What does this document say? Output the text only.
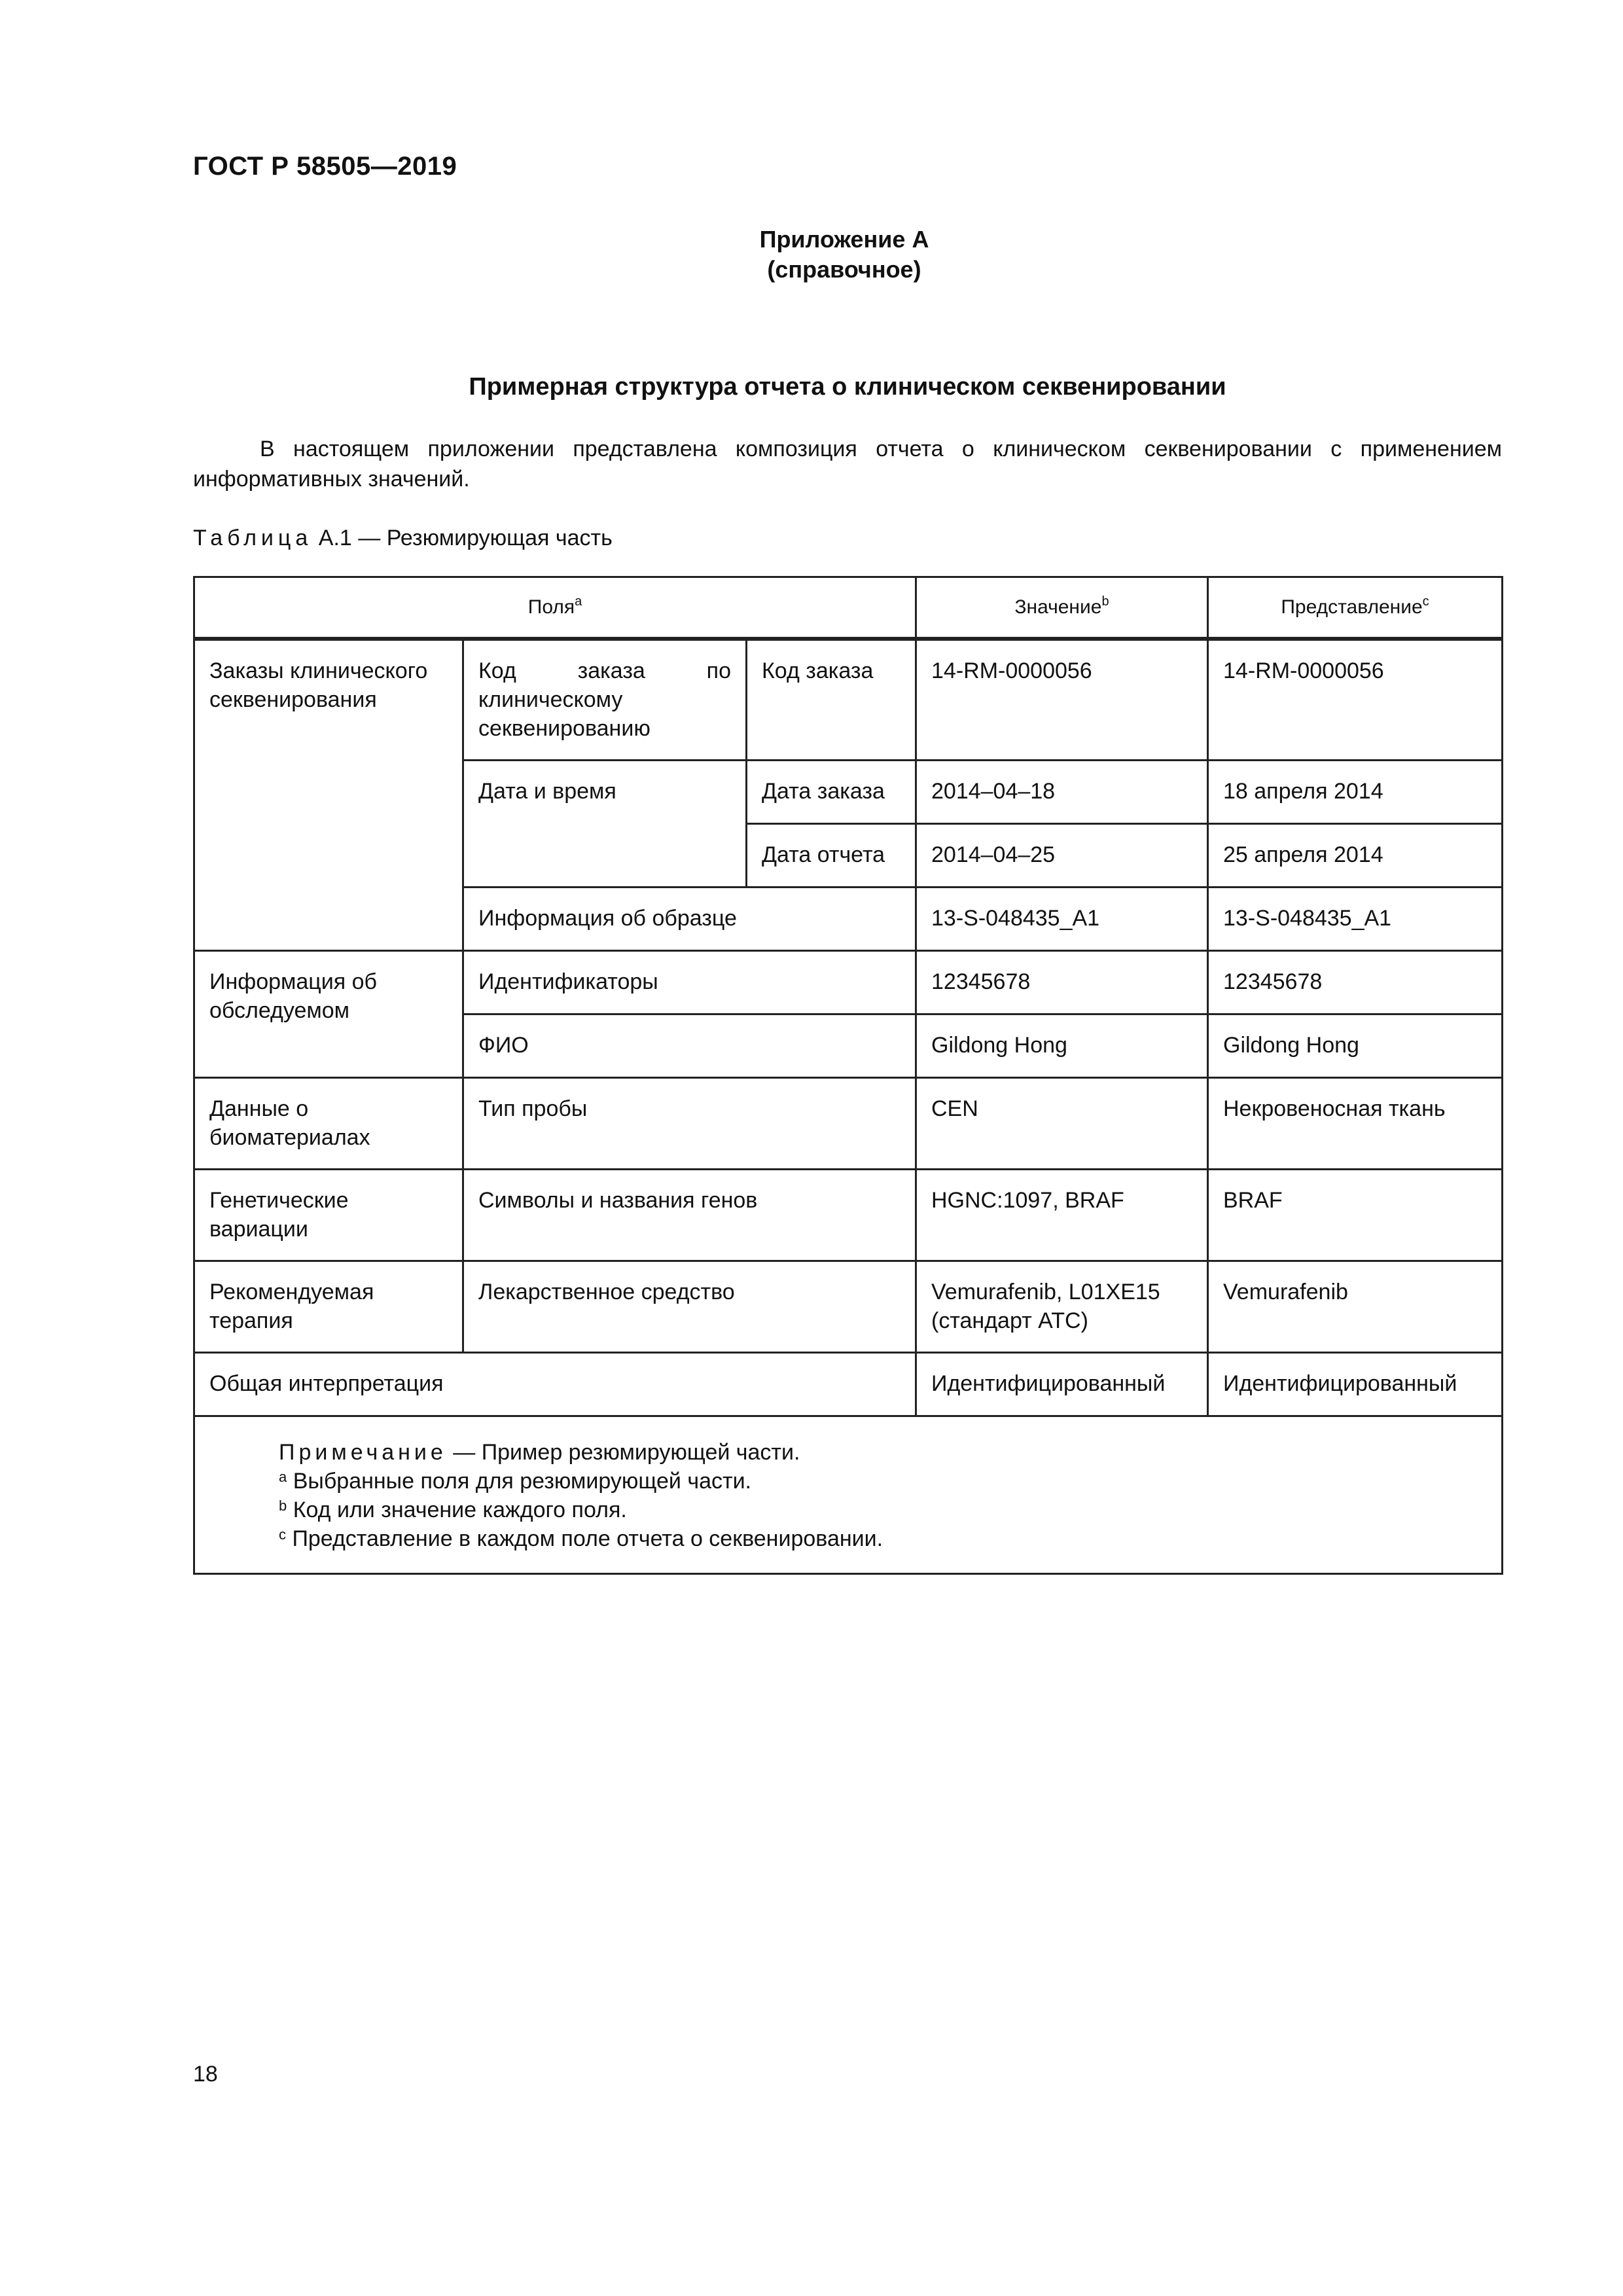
ГОСТ Р 58505—2019
Приложение А
(справочное)
Примерная структура отчета о клиническом секвенировании
В настоящем приложении представлена композиция отчета о клиническом секвенировании с применением информативных значений.
Таблица А.1 — Резюмирующая часть
Поля$^a$			Значение$^b$	Представление$^c$
Заказы клинического секвенирования	Код заказа по клиническому секвенированию	Код заказа	14-RM-0000056	14-RM-0000056
	Дата и время	Дата заказа	2014–04–18	18 апреля 2014
		Дата отчета	2014–04–25	25 апреля 2014
	Информация об образце		13-S-048435_A1	13-S-048435_A1
Информация об обследуемом	Идентификаторы		12345678	12345678
	ФИО		Gildong Hong	Gildong Hong
Данные о биоматериалах	Тип пробы		CEN	Некровеносная ткань
Генетические вариации	Символы и названия генов		HGNC:1097, BRAF	BRAF
Рекомендуемая терапия	Лекарственное средство		Vemurafenib, L01XE15 (стандарт ATC)	Vemurafenib
Общая интерпретация			Идентифицированный	Идентифицированный

Примечание — Пример резюмирующей части.
$^a$ Выбранные поля для резюмирующей части.
$^b$ Код или значение каждого поля.
$^c$ Представление в каждом поле отчета о секвенировании.				
18
